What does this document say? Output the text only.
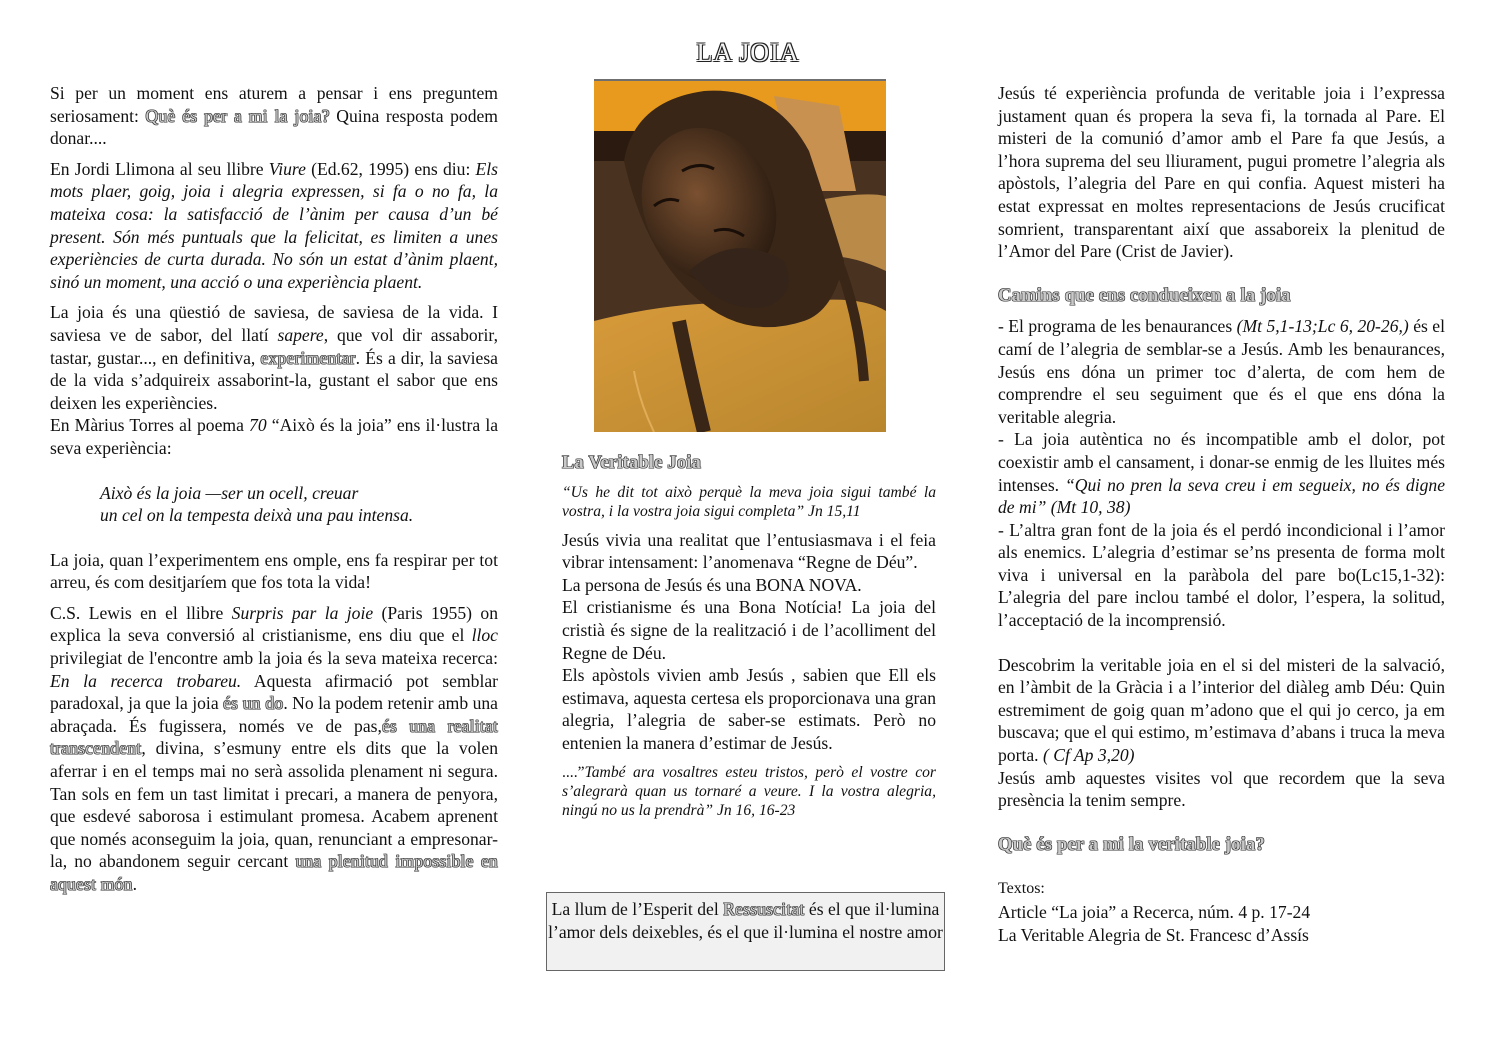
LA JOIA

Si per un moment ens aturem a pensar i ens preguntem seriosament: Què és per a mi la joia? Quina resposta podem donar....

En Jordi Llimona al seu llibre Viure (Ed.62, 1995) ens diu: Els mots plaer, goig, joia i alegria expressen, si fa o no fa, la mateixa cosa: la satisfacció de l’ànim per causa d’un bé present. Són més puntuals que la felicitat, es limiten a unes experiències de curta durada. No són un estat d’ànim plaent, sinó un moment, una acció o una experiència plaent.

La joia és una qüestió de saviesa, de saviesa de la vida. I saviesa ve de sabor, del llatí sapere, que vol dir assaborir, tastar, gustar..., en definitiva, experimentar. És a dir, la saviesa de la vida s’adquireix assaborint-la, gustant el sabor que ens deixen les experiències.
En Màrius Torres al poema 70 “Això és la joia” ens il·lustra la seva experiència:

Això és la joia —ser un ocell, creuar
un cel on la tempesta deixà una pau intensa.

La joia, quan l’experimentem ens omple, ens fa respirar per tot arreu, és com desitjaríem que fos tota la vida!

C.S. Lewis en el llibre Surpris par la joie (Paris 1955) on explica la seva conversió al cristianisme, ens diu que el lloc privilegiat de l'encontre amb la joia és la seva mateixa recerca: En la recerca trobareu. Aquesta afirmació pot semblar paradoxal, ja que la joia és un do. No la podem retenir amb una abraçada. És fugissera, només ve de pas,és una realitat transcendent, divina, s’esmuny entre els dits que la volen aferrar i en el temps mai no serà assolida plenament ni segura. Tan sols en fem un tast limitat i precari, a manera de penyora, que esdevé saborosa i estimulant promesa. Acabem aprenent que només aconseguim la joia, quan, renunciant a empresonar-la, no abandonem seguir cercant una plenitud impossible en aquest món.

La Veritable Joia

“Us he dit tot això perquè la meva joia sigui també la vostra, i la vostra joia sigui completa” Jn 15,11

Jesús vivia una realitat que l’entusiasmava i el feia vibrar intensament: l’anomenava “Regne de Déu”.

La persona de Jesús és una BONA NOVA.

El cristianisme és una Bona Notícia! La joia del cristià és signe de la realització i de l’acolliment del Regne de Déu.

Els apòstols vivien amb Jesús , sabien que Ell els estimava, aquesta certesa els proporcionava una gran alegria, l’alegria de saber-se estimats. Però no entenien la manera d’estimar de Jesús.

....”També ara vosaltres esteu tristos, però el vostre cor s’alegrarà quan us tornaré a veure. I la vostra alegria, ningú no us la prendrà” Jn 16, 16-23

La llum de l’Esperit del Ressuscitat és el que il·lumina l’amor dels deixebles, és el que il·lumina el nostre amor

Jesús té experiència profunda de veritable joia i l’expressa justament quan és propera la seva fi, la tornada al Pare. El misteri de la comunió d’amor amb el Pare fa que Jesús, a l’hora suprema del seu lliurament, pugui prometre l’alegria als apòstols, l’alegria del Pare en qui confia. Aquest misteri ha estat expressat en moltes representacions de Jesús crucificat somrient, transparentant així que assaboreix la plenitud de l’Amor del Pare (Crist de Javier).

Camins que ens condueixen a la joia

- El programa de les benaurances (Mt 5,1-13;Lc 6, 20-26,) és el camí de l’alegria de semblar-se a Jesús. Amb les benaurances, Jesús ens dóna un primer toc d’alerta, de com hem de comprendre el seu seguiment que és el que ens dóna la veritable alegria.

- La joia autèntica no és incompatible amb el dolor, pot coexistir amb el cansament, i donar-se enmig de les lluites més intenses. “Qui no pren la seva creu i em segueix, no és digne de mi” (Mt 10, 38)

- L’altra gran font de la joia és el perdó incondicional i l’amor als enemics. L’alegria d’estimar se’ns presenta de forma molt viva i universal en la paràbola del pare bo(Lc15,1-32): L’alegria del pare inclou també el dolor, l’espera, la solitud, l’acceptació de la incomprensió.

Descobrim la veritable joia en el si del misteri de la salvació, en l’àmbit de la Gràcia i a l’interior del diàleg amb Déu: Quin estremiment de goig quan m’adono que el qui jo cerco, ja em buscava; que el qui estimo, m’estimava d’abans i truca la meva porta. ( Cf Ap 3,20)
Jesús amb aquestes visites vol que recordem que la seva presència la tenim sempre.

Què és per a mi la veritable joia?
Textos:
Article “La joia” a Recerca, núm. 4 p. 17-24
La Veritable Alegria de St. Francesc d’Assís
